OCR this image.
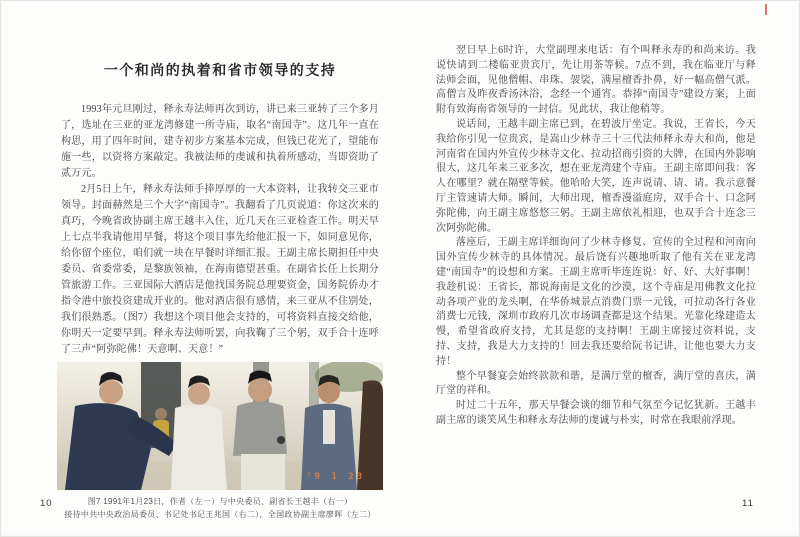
一个和尚的执着和省市领导的支持

1993年元旦刚过，释永寿法师再次到访，讲已来三亚转了三个多月了，选址在三亚的亚龙湾修建一所寺庙，取名“南国寺”。这几年一直在构思，用了四年时间，建寺初步方案基本完成，但钱已花光了，望能布施一些，以资将方案敲定。我被法师的虔诚和执着所感动，当即资助了贰万元。

2月5日上午，释永寿法师手捧厚厚的一大本资料，让我转交三亚市领导。封面赫然是三个大字“南国寺”。我翻看了几页说道：你这次来的真巧，今晚省政协副主席王越丰入住，近几天在三亚检查工作。明天早上七点半我请他用早餐，将这个项目事先给他汇报一下，如同意见你，给你留个座位，咱们就一块在早餐时详细汇报。王副主席长期担任中央委员、省委常委，是黎族领袖，在海南德望甚重。在副省长任上长期分管旅游工作。三亚国际大酒店是他找国务院总理要资金，国务院侨办才指令港中旅投资建成开业的。他对酒店很有感情，来三亚从不住别处，我们很熟悉。（图7）我想这个项目他会支持的，可将资料直接交给他，你明天一定要早到。释永寿法师听罢，向我鞠了三个躬，双手合十连呼了三声“阿弥陀佛！天意啊、天意！”

'9 1 23
图7 1991年1月23日，作者（左一）与中央委员、副省长王越丰（右一）
接待中共中央政治局委员、书记处书记王兆国（右二），全国政协副主席廖晖（左二）

翌日早上6时许，大堂副理来电话：有个叫释永寿的和尚来访。我说快请到二楼临亚贵宾厅，先让用茶等候。7点不到，我在临亚厅与释法师会面，见他僧帽、串珠、袈裟，满屋檀香扑鼻，好一幅高僧气派。高僧言及昨夜香汤沐浴，念经一个通宵。恭捧“南国寺”建设方案，上面附有致海南省领导的一封信。见此状，我让他稍等。

说话间，王越丰副主席已到，在碧波厅坐定。我说，王省长，今天我给你引见一位贵宾，是嵩山少林寺三十三代法师释永寿大和尚，他是河南省在国内外宣传少林寺文化、拉动招商引资的大牌，在国内外影响很大，这几年来三亚多次，想在亚龙湾建个寺庙。王副主席即问我：客人在哪里？就在隔壁等候。他哈哈大笑，连声说请、请、请。我示意餐厅主管速请大师。瞬间，大师出现，檀香漫溢庭房，双手合十、口念阿弥陀佛，向王副主席悠悠三躬。王副主席依礼相迎，也双手合十连念三次阿弥陀佛。

落座后，王副主席详细询问了少林寺修复、宣传的全过程和河南向国外宣传少林寺的具体情况。最后饶有兴趣地听取了他有关在亚龙湾建“南国寺”的设想和方案。王副主席听毕连连说：好、好、大好事啊！我趁机说：王省长，都说海南是文化的沙漠，这个寺庙是用佛教文化拉动各项产业的龙头啊，在华侨城景点消费门票一元钱，可拉动各行各业消费七元钱，深圳市政府几次市场调查都是这个结果。光靠化缘建造太慢，希望省政府支持，尤其是您的支持啊！王副主席接过资料说，支持、支持，我是大力支持的！回去我还要给阮书记讲，让他也要大力支持！

整个早餐宴会始终款款和谐，是满厅堂的檀香，满厅堂的喜庆，满厅堂的祥和。

时过二十五年，那天早餐会谈的细节和气氛至今记忆犹新。王越丰副主席的谈笑风生和释永寿法师的虔诚与朴实，时常在我眼前浮现。

10	11
